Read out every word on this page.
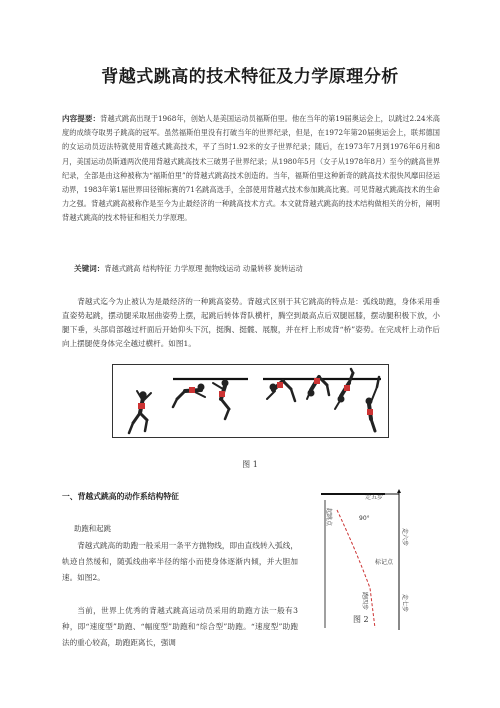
背越式跳高的技术特征及力学原理分析
内容提要：背越式跳高出现于1968年，创始人是美国运动员福斯伯里。他在当年的第19届奥运会上，以跳过2.24米高度的成绩夺取男子跳高的冠军。虽然福斯伯里没有打破当年的世界纪录，但是，在1972年第20届奥运会上，联邦德国的女运动员迈法特就使用背越式跳高技术，平了当时1.92米的女子世界纪录；随后，在1973年7月到1976年6月和8月，美国运动员斯通两次使用背越式跳高技术三破男子世界纪录；从1980年5月（女子从1978年8月）至今的跳高世界纪录，全部是由这种被称为“福斯伯里”的背越式跳高技术创造的。当年，福斯伯里这种新奇的跳高技术很快风靡田径运动界，1983年第1届世界田径锦标赛的71名跳高选手，全部使用背越式技术参加跳高比赛。可见背越式跳高技术的生命力之强。背越式跳高被称作是至今为止最经济的一种跳高技术方式。本文就背越式跳高的技术结构做相关的分析，阐明背越式跳高的技术特征和相关力学原理。
关键词：背越式跳高 结构特征 力学原理 抛物线运动 动量转移 旋转运动
背越式迄今为止被认为是最经济的一种跳高姿势。背越式区别于其它跳高的特点是：弧线助跑，身体采用垂直姿势起跳，摆动腿采取屈曲姿势上摆，起跳后转体背队横杆，腾空到最高点后双腿屈膝，摆动腿积极下放，小腿下垂，头部肩部越过杆面后开始仰头下沉，挺胸、挺髋、展腹，并在杆上形成背“桥”姿势。在完成杆上动作后向上摆腿使身体完全越过横杆。如图1。
图 1
一、背越式跳高的动作系结构特征
助跑和起跳
背越式跳高的助跑一般采用一条平方抛物线，即由直线转入弧线，轨迹自然缓和，随弧线曲率半径的缩小而使身体逐渐内倾，并大胆加速。如图2。
当前，世界上优秀的背越式跳高运动员采用的助跑方法一般有3种，即“速度型”助跑、“幅度型”助跑和“综合型”助跑。“速度型”助跑法的重心较高，助跑距离长，强调
走五步
起跳点	90°
走六步
标记点
跑四步	走七步
图 2
